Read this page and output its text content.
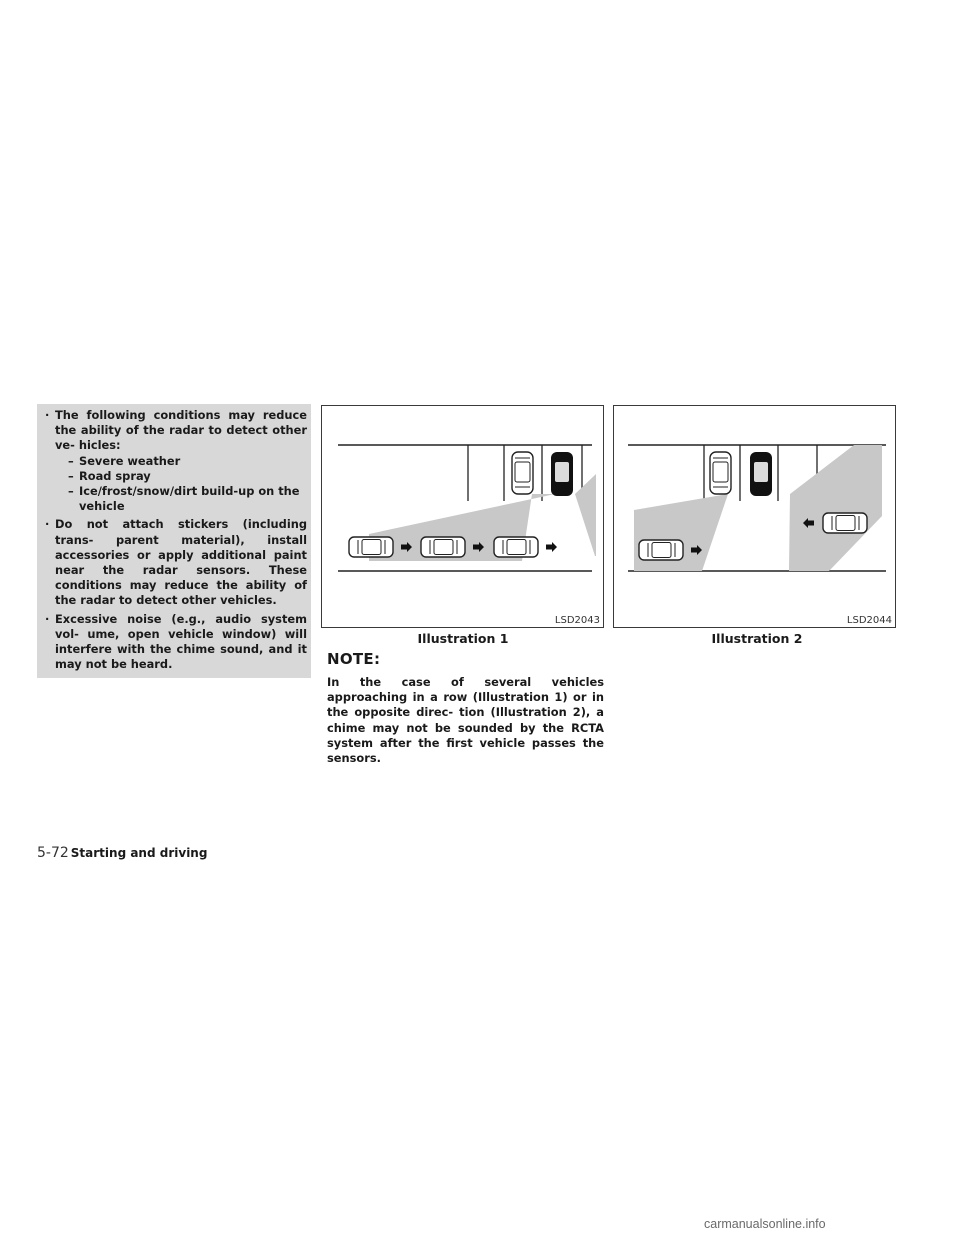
· The following conditions may reduce the ability of the radar to detect other ve- hicles:
– Severe weather
– Road spray
– Ice/frost/snow/dirt build-up on the vehicle
· Do not attach stickers (including trans- parent material), install accessories or apply additional paint near the radar sensors. These conditions may reduce the ability of the radar to detect other vehicles.
· Excessive noise (e.g., audio system vol- ume, open vehicle window) will interfere with the chime sound, and it may not be heard.
LSD2043
Illustration 1
LSD2044
Illustration 2
NOTE:
In the case of several vehicles approaching in a row (Illustration 1) or in the opposite direc- tion (Illustration 2), a chime may not be sounded by the RCTA system after the first vehicle passes the sensors.
5-72 Starting and driving
carmanualsonline.info
